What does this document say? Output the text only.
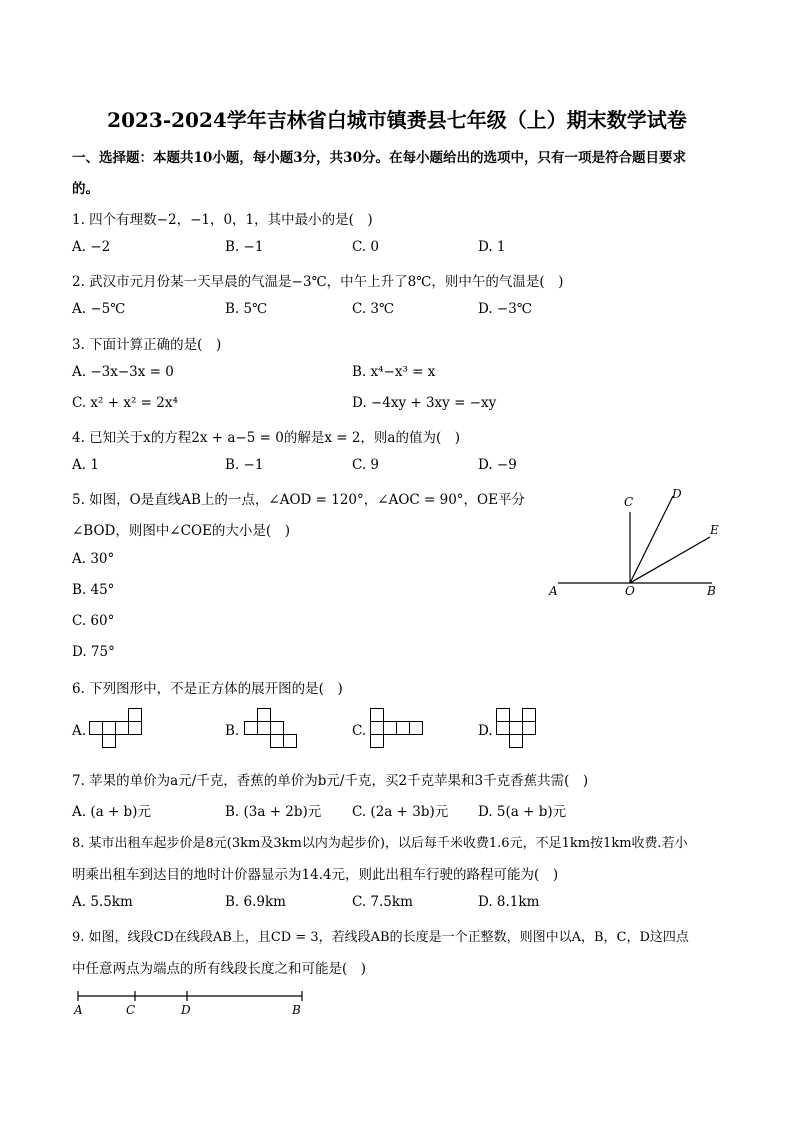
2023-2024学年吉林省白城市镇赉县七年级（上）期末数学试卷
一、选择题：本题共10小题，每小题3分，共30分。在每小题给出的选项中，只有一项是符合题目要求
的。
1. 四个有理数−2，−1，0，1，其中最小的是(　)
A. −2	B. −1	C. 0	D. 1
2. 武汉市元月份某一天早晨的气温是−3℃，中午上升了8℃，则中午的气温是(　)
A. −5℃	B. 5℃	C. 3℃	D. −3℃
3. 下面计算正确的是(　)
A. −3x−3x = 0	B. x⁴−x³ = x
C. x² + x² = 2x⁴	D. −4xy + 3xy = −xy
4. 已知关于x的方程2x + a−5 = 0的解是x = 2，则a的值为(　)
A. 1	B. −1	C. 9	D. −9
5. 如图，O是直线AB上的一点，∠AOD = 120°，∠AOC = 90°，OE平分
∠BOD，则图中∠COE的大小是(　)
A. 30°
B. 45°
C. 60°
D. 75°
C
D
E
A	O	B
6. 下列图形中，不是正方体的展开图的是(　)
A.	B.	C.	D.
7. 苹果的单价为a元/千克，香蕉的单价为b元/千克，买2千克苹果和3千克香蕉共需(　)
A. (a + b)元	B. (3a + 2b)元 C. (2a + 3b)元 D. 5(a + b)元
8. 某市出租车起步价是8元(3km及3km以内为起步价)，以后每千米收费1.6元，不足1km按1km收费.若小
明乘出租车到达目的地时计价器显示为14.4元，则此出租车行驶的路程可能为(　)
A. 5.5km	B. 6.9km	C. 7.5km	D. 8.1km
9. 如图，线段CD在线段AB上，且CD = 3，若线段AB的长度是一个正整数，则图中以A，B，C，D这四点
中任意两点为端点的所有线段长度之和可能是(　)
A	C	D	B
